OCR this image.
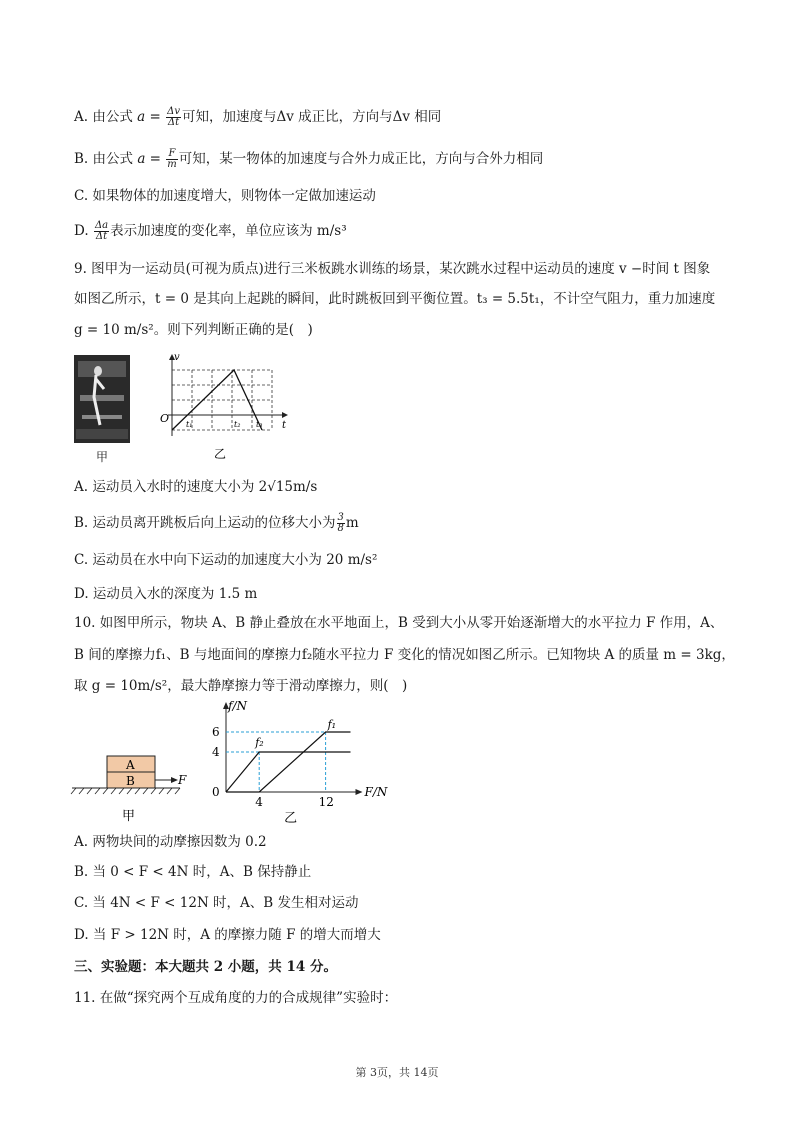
A. 由公式 $a = \frac{\Delta v}{\Delta t}$ 可知，加速度与Δv 成正比，方向与Δv 相同
B. 由公式 $a = \frac{F}{m}$ 可知，某一物体的加速度与合外力成正比，方向与合外力相同
C. 如果物体的加速度增大，则物体一定做加速运动
D. $\frac{\Delta a}{\Delta t}$ 表示加速度的变化率，单位应该为 m/s³
9. 图甲为一运动员(可视为质点)进行三米板跳水训练的场景，某次跳水过程中运动员的速度 v −时间 t 图象
如图乙所示，t = 0 是其向上起跳的瞬间，此时跳板回到平衡位置。t₃ = 5.5t₁，不计空气阻力，重力加速度
g = 10 m/s²。则下列判断正确的是(　)
甲
v
t
O t₁	t₂ t₃
乙
A. 运动员入水时的速度大小为 2√15m/s
B. 运动员离开跳板后向上运动的位移大小为 $\frac{3}{8}$ m
C. 运动员在水中向下运动的加速度大小为 20 m/s²
D. 运动员入水的深度为 1.5 m
10. 如图甲所示，物块 A、B 静止叠放在水平地面上，B 受到大小从零开始逐渐增大的水平拉力 F 作用，A、
B 间的摩擦力f₁、B 与地面间的摩擦力f₂随水平拉力 F 变化的情况如图乙所示。已知物块 A 的质量 m = 3kg，
取 g = 10m/s²，最大静摩擦力等于滑动摩擦力，则(　)
A
B	F
甲
6
4
0
4	12
f/N
F/N
f₁
f₂
乙
A. 两物块间的动摩擦因数为 0.2
B. 当 0 < F < 4N 时，A、B 保持静止
C. 当 4N < F < 12N 时，A、B 发生相对运动
D. 当 F > 12N 时，A 的摩擦力随 F 的增大而增大
三、实验题：本大题共 2 小题，共 14 分。
11. 在做“探究两个互成角度的力的合成规律”实验时：
第 3页，共 14页
